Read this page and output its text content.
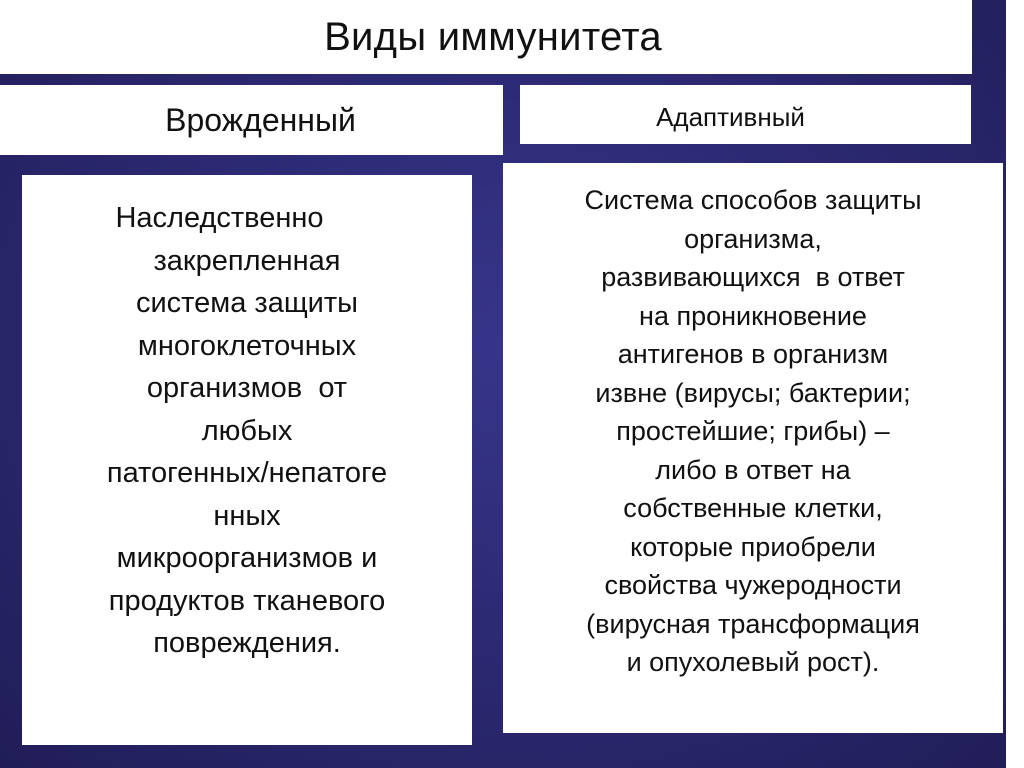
Виды иммунитета
Врожденный	Адаптивный
Наследственно
закрепленная
система защиты
многоклеточных
организмов  от
любых
патогенных/непатоге
нных
микроорганизмов и
продуктов тканевого
повреждения.
Система способов защиты
организма,
развивающихся  в ответ
на проникновение
антигенов в организм
извне (вирусы; бактерии;
простейшие; грибы) –
либо в ответ на
собственные клетки,
которые приобрели
свойства чужеродности
(вирусная трансформация
и опухолевый рост).
